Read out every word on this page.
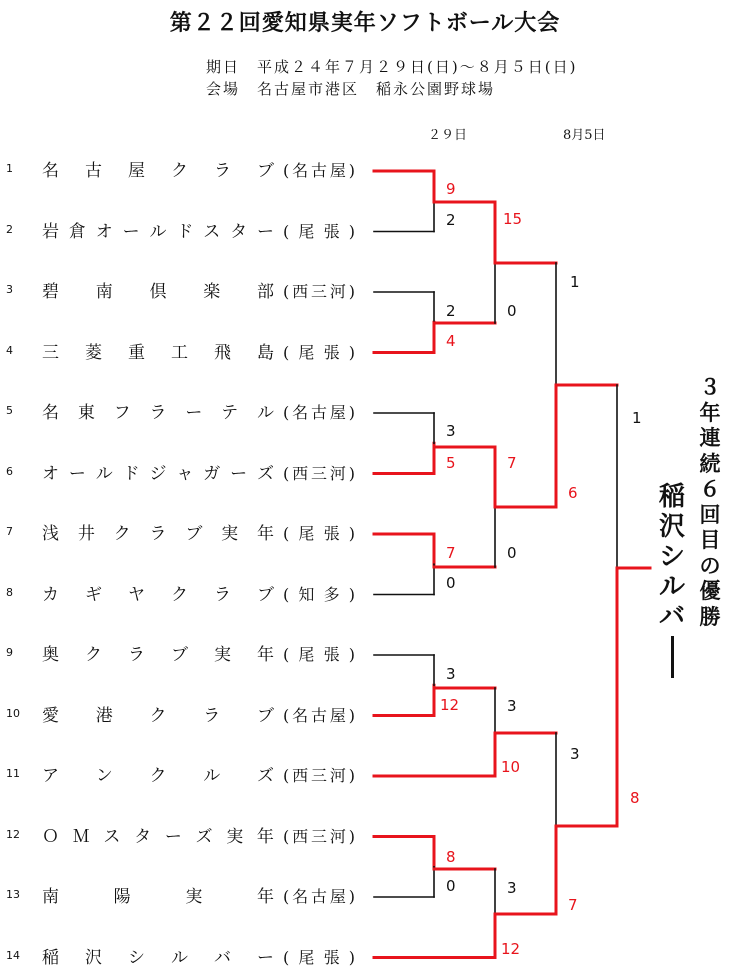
第２２回愛知県実年ソフトボール大会
期日　 平成２４年７月２９日(日)～８月５日(日)
会場　 名古屋市港区　稲永公園野球場
２９日	8月5日
1	名 古 屋 ク ラ ブ ( 名 古 屋 )
2	岩 倉 オ ー ル ド ス タ ー ( 尾 張 )
3	碧 南 倶 楽 部 ( 西 三 河 )
4	三 菱 重 工 飛 島 ( 尾 張 )
5	名 東 フ ラ ー テ ル ( 名 古 屋 )
6	オ ー ル ド ジ ャ ガ ー ズ ( 西 三 河 )
7	浅 井 ク ラ ブ 実 年 ( 尾 張 )
8	カ ギ ヤ ク ラ ブ ( 知 多 )
9	奥 ク ラ ブ 実 年 ( 尾 張 )
10	愛 港 ク ラ ブ ( 名 古 屋 )
11	ア ン ク ル ズ ( 西 三 河 )
12	Ｏ Ｍ ス タ ー ズ 実 年 ( 西 三 河 )
13	南	陽	実	年 ( 名 古 屋 )
14	稲 沢 シ ル バ ー ( 尾 張 )
9
2
2
4
3
5
7
0
3
12
8
0
15
0
7
0
3
10
3
12
1
6
3
7
1
8
３
年
連
続
６
回
目
の
優
勝
稲
沢
シ
ル
バ
